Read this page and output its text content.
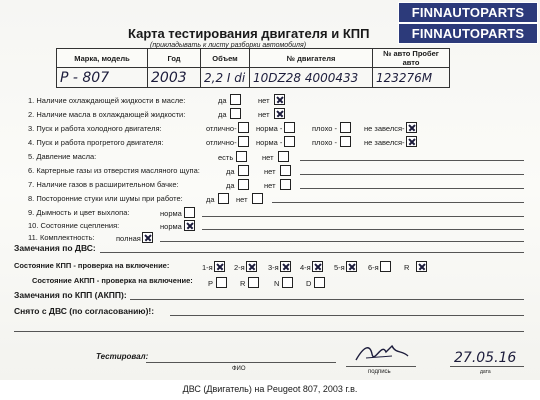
Карта тестирования двигателя и КПП
(прикладывать к листу разборки автомобиля)
Марка, модель	Год	Объем	№ двигателя	№ авто Пробег авто
P - 807	2003	2,2 I di	10DZ28 4000433	123276M
1. Наличие охлаждающей жидкости в масле:	да	нет
2. Наличие масла в охлаждающей жидкости:	да	нет
3. Пуск и работа холодного двигателя:	отлично-	норма -	плохо -	не завелся-
4. Пуск и работа прогретого двигателя:	отлично-	норма -	плохо -	не завелся-
5. Давление масла:	есть	нет
6. Картерные газы из отверстия масляного щупа:	да	нет
7. Наличие газов в расширительном бачке:	да	нет
8. Посторонние стуки или шумы при работе:	да	нет
9. Дымность и цвет выхлопа:	норма
10. Состояние сцепления:	норма
11. Комплектность:	полная
Замечания по ДВС:
Состояние КПП - проверка на включение:	1-я	2-я	3-я	4-я	5-я	6-я	R
Состояние АКПП - проверка на включение: P	R	N	D
Замечания по КПП (АКПП):
Снято с ДВС (по согласованию)!:
Тестировал:
ФИО	подпись
27.05.16
дата
FINNAUTOPARTS
FINNAUTOPARTS
ДВС (Двигатель) на Peugeot 807, 2003 г.в.
